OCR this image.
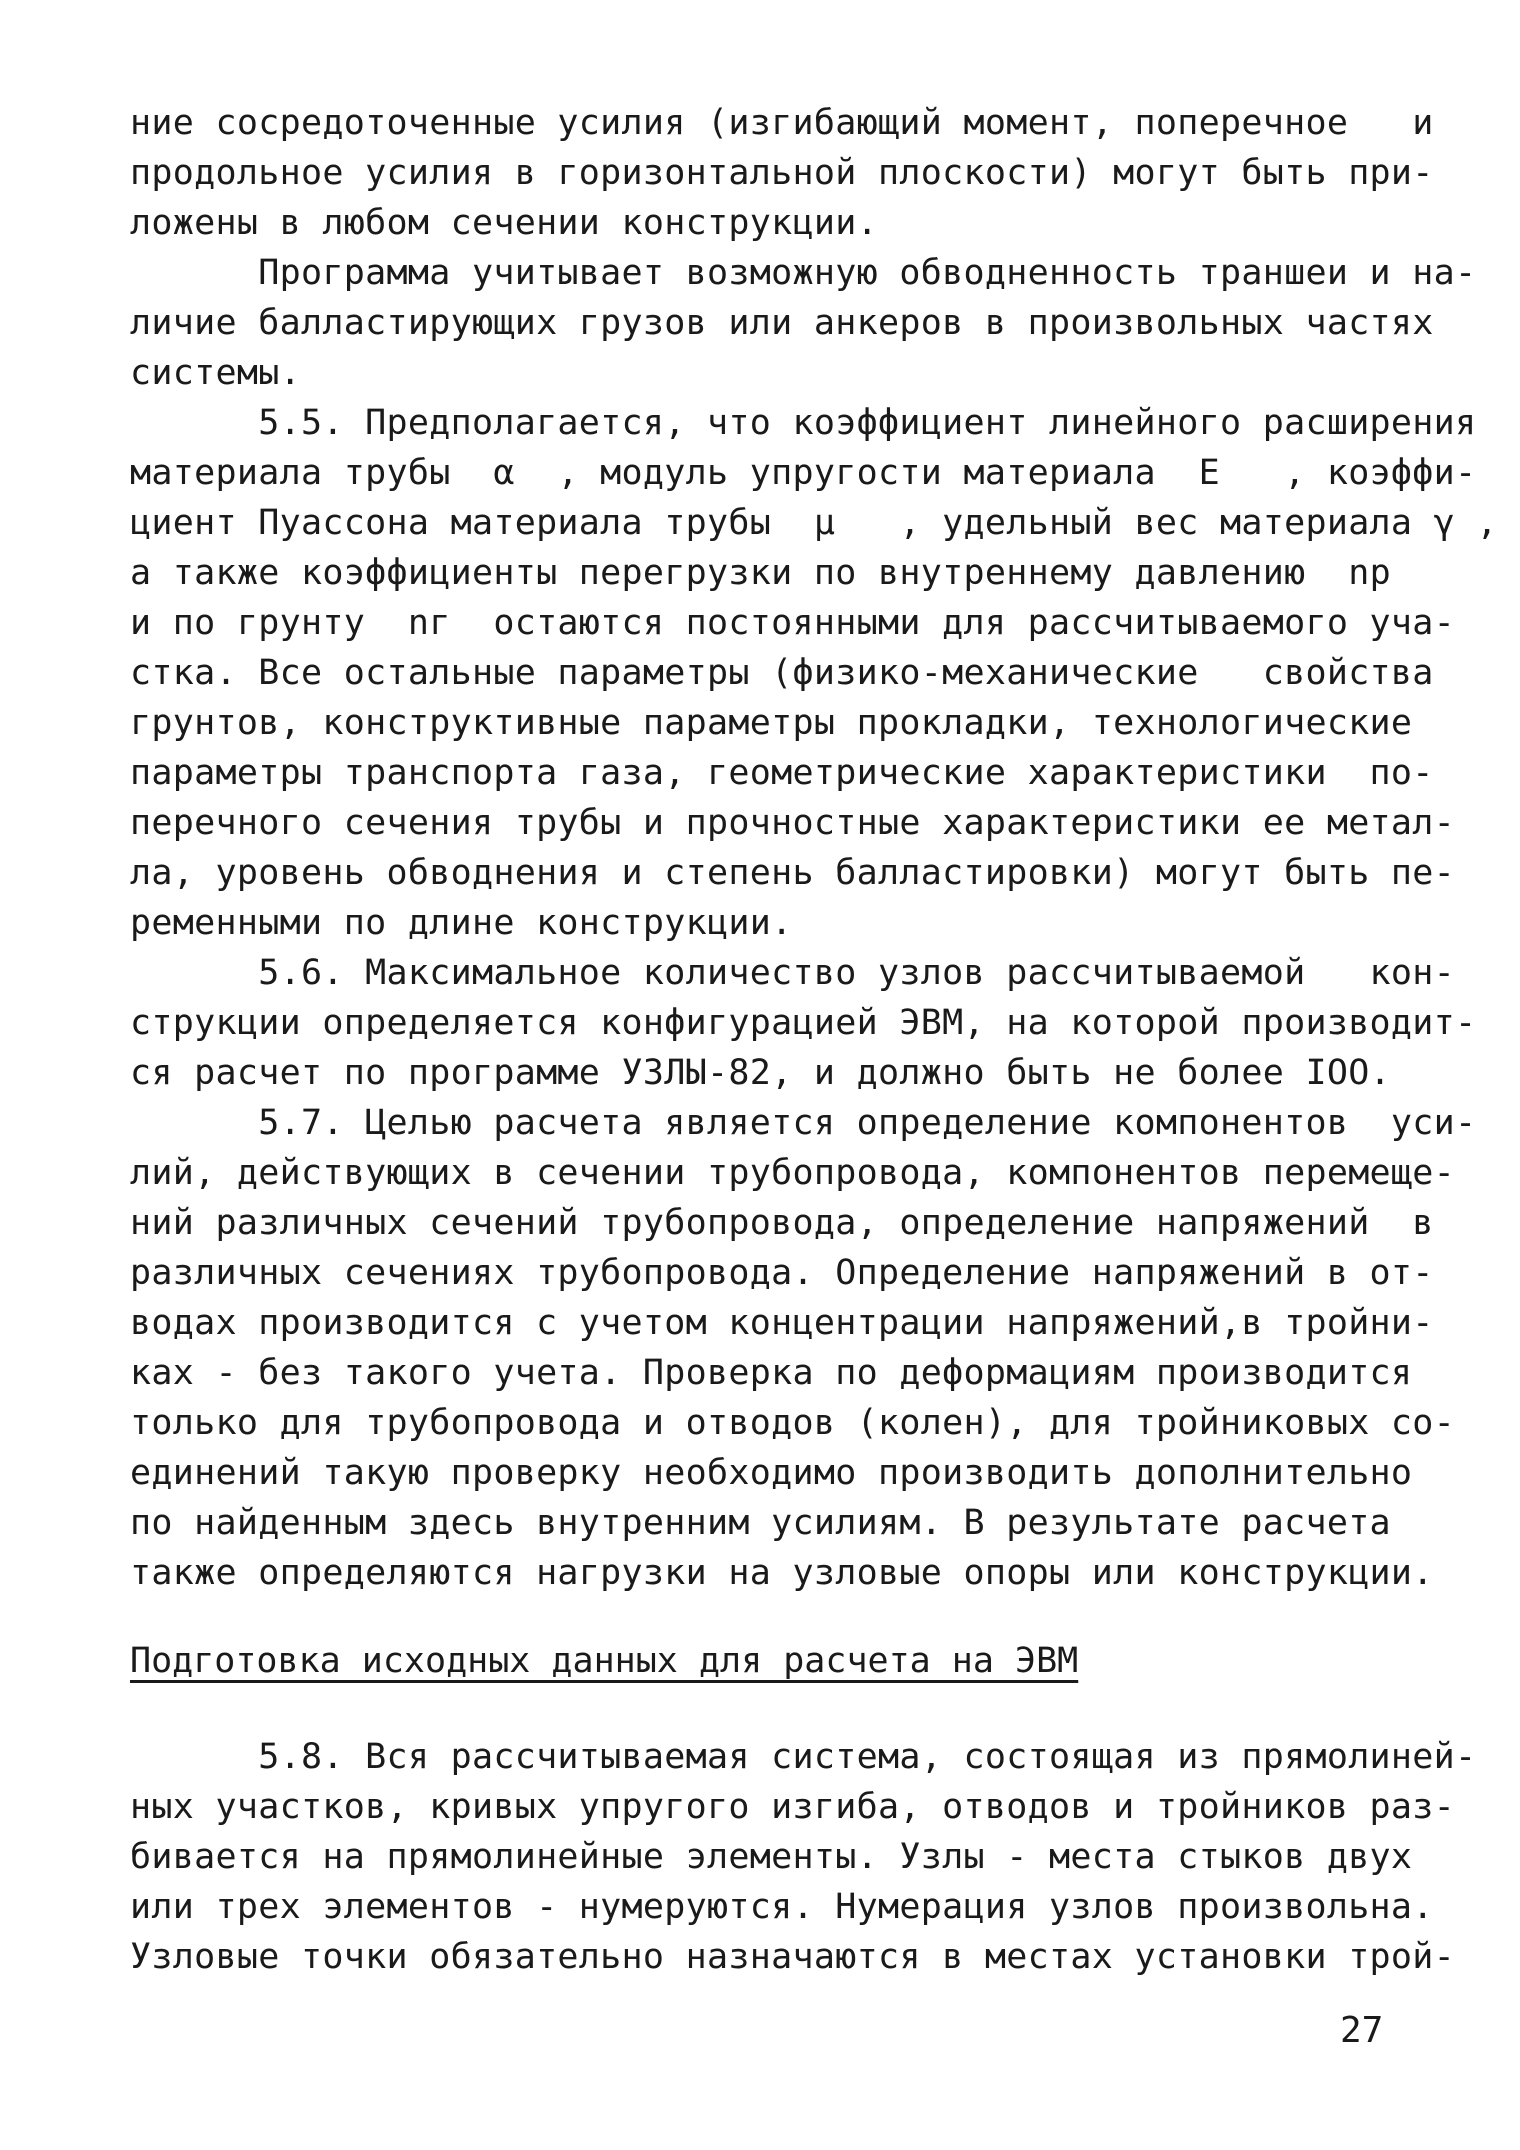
ние сосредоточенные усилия (изгибающий момент, поперечное   и
продольное усилия в горизонтальной плоскости) могут быть при-
ложены в любом сечении конструкции.
Программа учитывает возможную обводненность траншеи и на-
личие балластирующих грузов или анкеров в произвольных частях
системы.
5.5. Предполагается, что коэффициент линейного расширения
материала трубы  α  , модуль упругости материала  E   , коэффи-
циент Пуассона материала трубы  μ   , удельный вес материала γ ,
а также коэффициенты перегрузки по внутреннему давлению  nр
и по грунту  nг  остаются постоянными для рассчитываемого уча-
стка. Все остальные параметры (физико-механические   свойства
грунтов, конструктивные параметры прокладки, технологические
параметры транспорта газа, геометрические характеристики  по-
перечного сечения трубы и прочностные характеристики ее метал-
ла, уровень обводнения и степень балластировки) могут быть пе-
ременными по длине конструкции.
5.6. Максимальное количество узлов рассчитываемой   кон-
струкции определяется конфигурацией ЭВМ, на которой производит-
ся расчет по программе УЗЛЫ-82, и должно быть не более IOO.
5.7. Целью расчета является определение компонентов  уси-
лий, действующих в сечении трубопровода, компонентов перемеще-
ний различных сечений трубопровода, определение напряжений  в
различных сечениях трубопровода. Определение напряжений в от-
водах производится с учетом концентрации напряжений,в тройни-
ках - без такого учета. Проверка по деформациям производится
только для трубопровода и отводов (колен), для тройниковых со-
единений такую проверку необходимо производить дополнительно
по найденным здесь внутренним усилиям. В результате расчета
также определяются нагрузки на узловые опоры или конструкции.
Подготовка исходных данных для расчета на ЭВМ
5.8. Вся рассчитываемая система, состоящая из прямолиней-
ных участков, кривых упругого изгиба, отводов и тройников раз-
бивается на прямолинейные элементы. Узлы - места стыков двух
или трех элементов - нумеруются. Нумерация узлов произвольна.
Узловые точки обязательно назначаются в местах установки трой-
27
